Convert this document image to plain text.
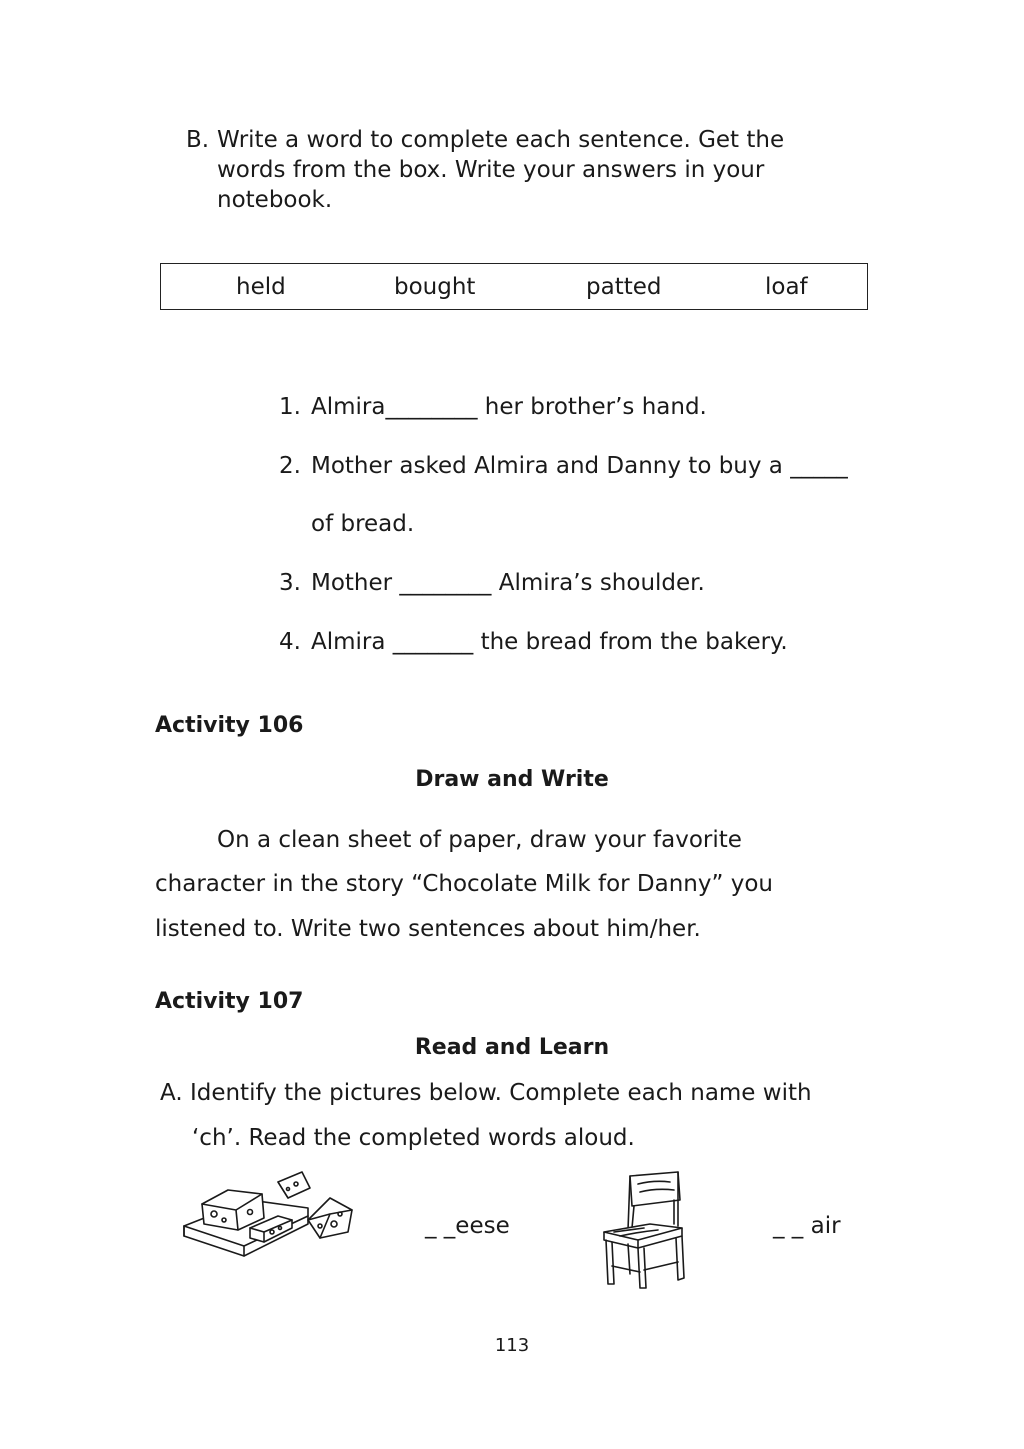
B. Write a word to complete each sentence. Get the
words from the box. Write your answers in your
notebook.
held	bought	patted	loaf
1. Almira________ her brother’s hand.
2. Mother asked Almira and Danny to buy a _____
of bread.
3. Mother ________ Almira’s shoulder.
4. Almira _______ the bread from the bakery.
Activity 106
Draw and Write
On a clean sheet of paper, draw your favorite
character in the story “Chocolate Milk for Danny” you
listened to. Write two sentences about him/her.
Activity 107
Read and Learn
A. Identify the pictures below. Complete each name with
‘ch’. Read the completed words aloud.
_ _eese	_ _ air
113
